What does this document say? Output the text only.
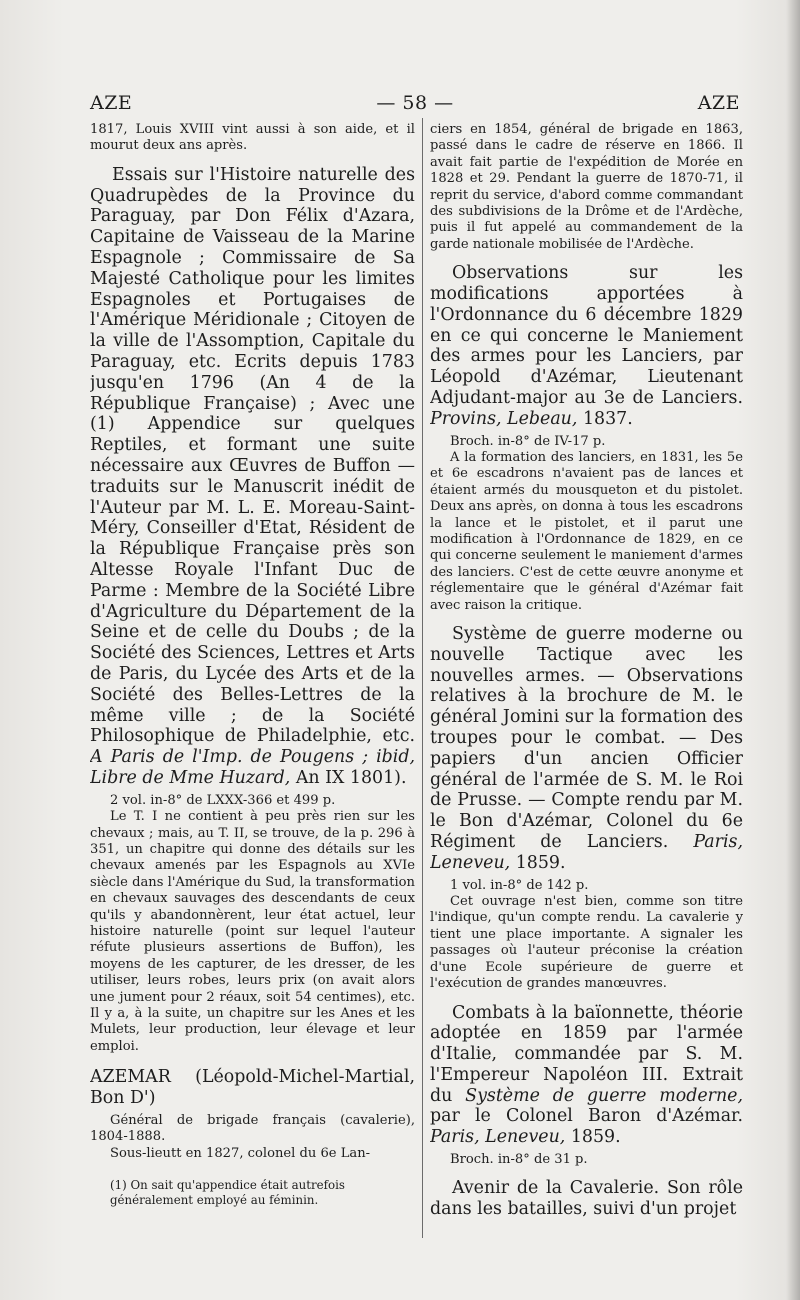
AZE	— 58 —	AZE

1817, Louis XVIII vint aussi à son aide, et il mourut deux ans après.

Essais sur l'Histoire naturelle des Quadrupèdes de la Province du Paraguay, par Don Félix d'Azara, Capitaine de Vaisseau de la Marine Espagnole ; Commissaire de Sa Majesté Catholique pour les limites Espagnoles et Portugaises de l'Amérique Méridionale ; Citoyen de la ville de l'Assomption, Capitale du Paraguay, etc. Ecrits depuis 1783 jusqu'en 1796 (An 4 de la République Française) ; Avec une (1) Appendice sur quelques Reptiles, et formant une suite nécessaire aux Œuvres de Buffon — traduits sur le Manuscrit inédit de l'Auteur par M. L. E. Moreau-Saint-Méry, Conseiller d'Etat, Résident de la République Française près son Altesse Royale l'Infant Duc de Parme : Membre de la Société Libre d'Agriculture du Département de la Seine et de celle du Doubs ; de la Société des Sciences, Lettres et Arts de Paris, du Lycée des Arts et de la Société des Belles-Lettres de la même ville ; de la Société Philosophique de Philadelphie, etc. A Paris de l'Imp. de Pougens ; ibid, Libre de Mme Huzard, An IX 1801).

2 vol. in-8° de LXXX-366 et 499 p.

Le T. I ne contient à peu près rien sur les chevaux ; mais, au T. II, se trouve, de la p. 296 à 351, un chapitre qui donne des détails sur les chevaux amenés par les Espagnols au XVIe siècle dans l'Amérique du Sud, la transformation en chevaux sauvages des descendants de ceux qu'ils y abandonnèrent, leur état actuel, leur histoire naturelle (point sur lequel l'auteur réfute plusieurs assertions de Buffon), les moyens de les capturer, de les dresser, de les utiliser, leurs robes, leurs prix (on avait alors une jument pour 2 réaux, soit 54 centimes), etc. Il y a, à la suite, un chapitre sur les Anes et les Mulets, leur production, leur élevage et leur emploi.

AZEMAR (Léopold-Michel-Martial, Bon D')

Général de brigade français (cavalerie), 1804-1888.

Sous-lieutt en 1827, colonel du 6e Lan-

(1) On sait qu'appendice était autrefois généralement employé au féminin.

ciers en 1854, général de brigade en 1863, passé dans le cadre de réserve en 1866. Il avait fait partie de l'expédition de Morée en 1828 et 29. Pendant la guerre de 1870-71, il reprit du service, d'abord comme commandant des subdivisions de la Drôme et de l'Ardèche, puis il fut appelé au commandement de la garde nationale mobilisée de l'Ardèche.

Observations sur les modifications apportées à l'Ordonnance du 6 décembre 1829 en ce qui concerne le Maniement des armes pour les Lanciers, par Léopold d'Azémar, Lieutenant Adjudant-major au 3e de Lanciers. Provins, Lebeau, 1837.

Broch. in-8° de IV-17 p.

A la formation des lanciers, en 1831, les 5e et 6e escadrons n'avaient pas de lances et étaient armés du mousqueton et du pistolet. Deux ans après, on donna à tous les escadrons la lance et le pistolet, et il parut une modification à l'Ordonnance de 1829, en ce qui concerne seulement le maniement d'armes des lanciers. C'est de cette œuvre anonyme et réglementaire que le général d'Azémar fait avec raison la critique.

Système de guerre moderne ou nouvelle Tactique avec les nouvelles armes. — Observations relatives à la brochure de M. le général Jomini sur la formation des troupes pour le combat. — Des papiers d'un ancien Officier général de l'armée de S. M. le Roi de Prusse. — Compte rendu par M. le Bon d'Azémar, Colonel du 6e Régiment de Lanciers. Paris, Leneveu, 1859.

1 vol. in-8° de 142 p.

Cet ouvrage n'est bien, comme son titre l'indique, qu'un compte rendu. La cavalerie y tient une place importante. A signaler les passages où l'auteur préconise la création d'une Ecole supérieure de guerre et l'exécution de grandes manœuvres.

Combats à la baïonnette, théorie adoptée en 1859 par l'armée d'Italie, commandée par S. M. l'Empereur Napoléon III. Extrait du Système de guerre moderne, par le Colonel Baron d'Azémar. Paris, Leneveu, 1859.

Broch. in-8° de 31 p.

Avenir de la Cavalerie. Son rôle dans les batailles, suivi d'un projet
